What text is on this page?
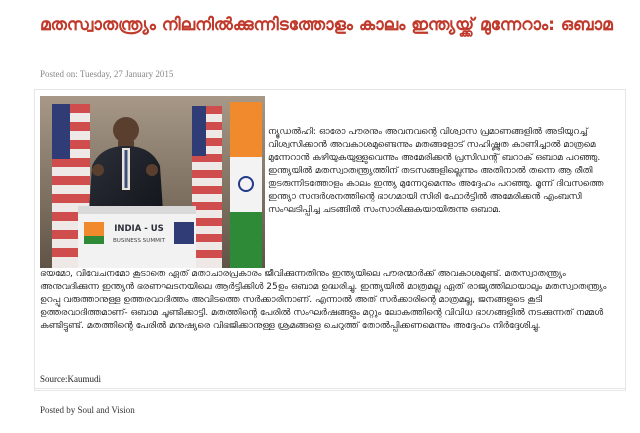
മതസ്വാതന്ത്ര്യം നിലനിൽക്കുന്നിടത്തോളം കാലം ഇന്ത്യയ്ക്ക് മുന്നേറാം: ഒബാമ
Posted on: Tuesday, 27 January 2015
INDIA - US
BUSINESS SUMMIT

ന്യൂഡൽഹി: ഓരോ പൗരനും അവനവന്റെ വിശ്വാസ പ്രമാണങ്ങളിൽ അടിയുറച്ച് വിശ്വസിക്കാൻ അവകാശമുണ്ടെന്നും മതങ്ങളോട് സഹിഷ്ണുത കാണിച്ചാൽ മാത്രമെ മുന്നേറാൻ കഴിയുകയുള്ളുവെന്നും അമേരിക്കൻ പ്രസിഡന്റ് ബറാക് ഒബാമ പറഞ്ഞു. ഇന്ത്യയിൽ മതസ്വാതന്ത്ര്യത്തിന് തടസങ്ങളില്ലെന്നും അതിനാൽ തന്നെ ആ രീതി തുടരുന്നിടത്തോളം കാലം ഇന്ത്യ മുന്നേറുമെന്നും അദ്ദേഹം പറഞ്ഞു. മൂന്ന് ദിവസത്തെ ഇന്ത്യാ സന്ദർശനത്തിന്റെ ഭാഗമായി സിരി ഫോർട്ടിൽ അമേരിക്കൻ എംബസി സംഘടിപ്പിച്ച ചടങ്ങിൽ സംസാരിക്കുകയായിരുന്നു ഒബാമ.

ഭയമോ, വിവേചനമോ കൂടാതെ ഏത് മതാചാരപ്രകാരം ജീവിക്കുന്നതിനും ഇന്ത്യയിലെ പൗരന്മാർക്ക് അവകാശമുണ്ട്. മതസ്വാതന്ത്ര്യം അനുവദിക്കുന്ന ഇന്ത്യൻ ഭരണഘടനയിലെ ആർട്ടിക്കിൾ 25ഉം ഒബാമ ഉദ്ധരിച്ചു. ഇന്ത്യയിൽ മാത്രമല്ല ഏത് രാജ്യത്തിലായാലും മതസ്വാതന്ത്ര്യം ഉറപ്പു വരുത്താനുള്ള ഉത്തരവാദിത്തം അവിടത്തെ സർക്കാരിനാണ്. എന്നാൽ അത് സർക്കാരിന്റെ മാത്രമല്ല, ജനങ്ങളുടെ കൂടി ഉത്തരവാദിത്തമാണ്- ഒബാമ ചൂണ്ടിക്കാട്ടി. മതത്തിന്റെ പേരിൽ സംഘർഷങ്ങളും മറ്റും ലോകത്തിന്റെ വിവിധ ഭാഗങ്ങളിൽ നടക്കുന്നത് നമ്മൾ കണ്ടിട്ടുണ്ട്. മതത്തിന്റെ പേരിൽ മനുഷ്യരെ വിഭജിക്കാനുള്ള ശ്രമങ്ങളെ ചെറുത്ത് തോൽപ്പിക്കണമെന്നും അദ്ദേഹം നിർദ്ദേശിച്ചു.

Source:Kaumudi
Posted by Soul and Vision
